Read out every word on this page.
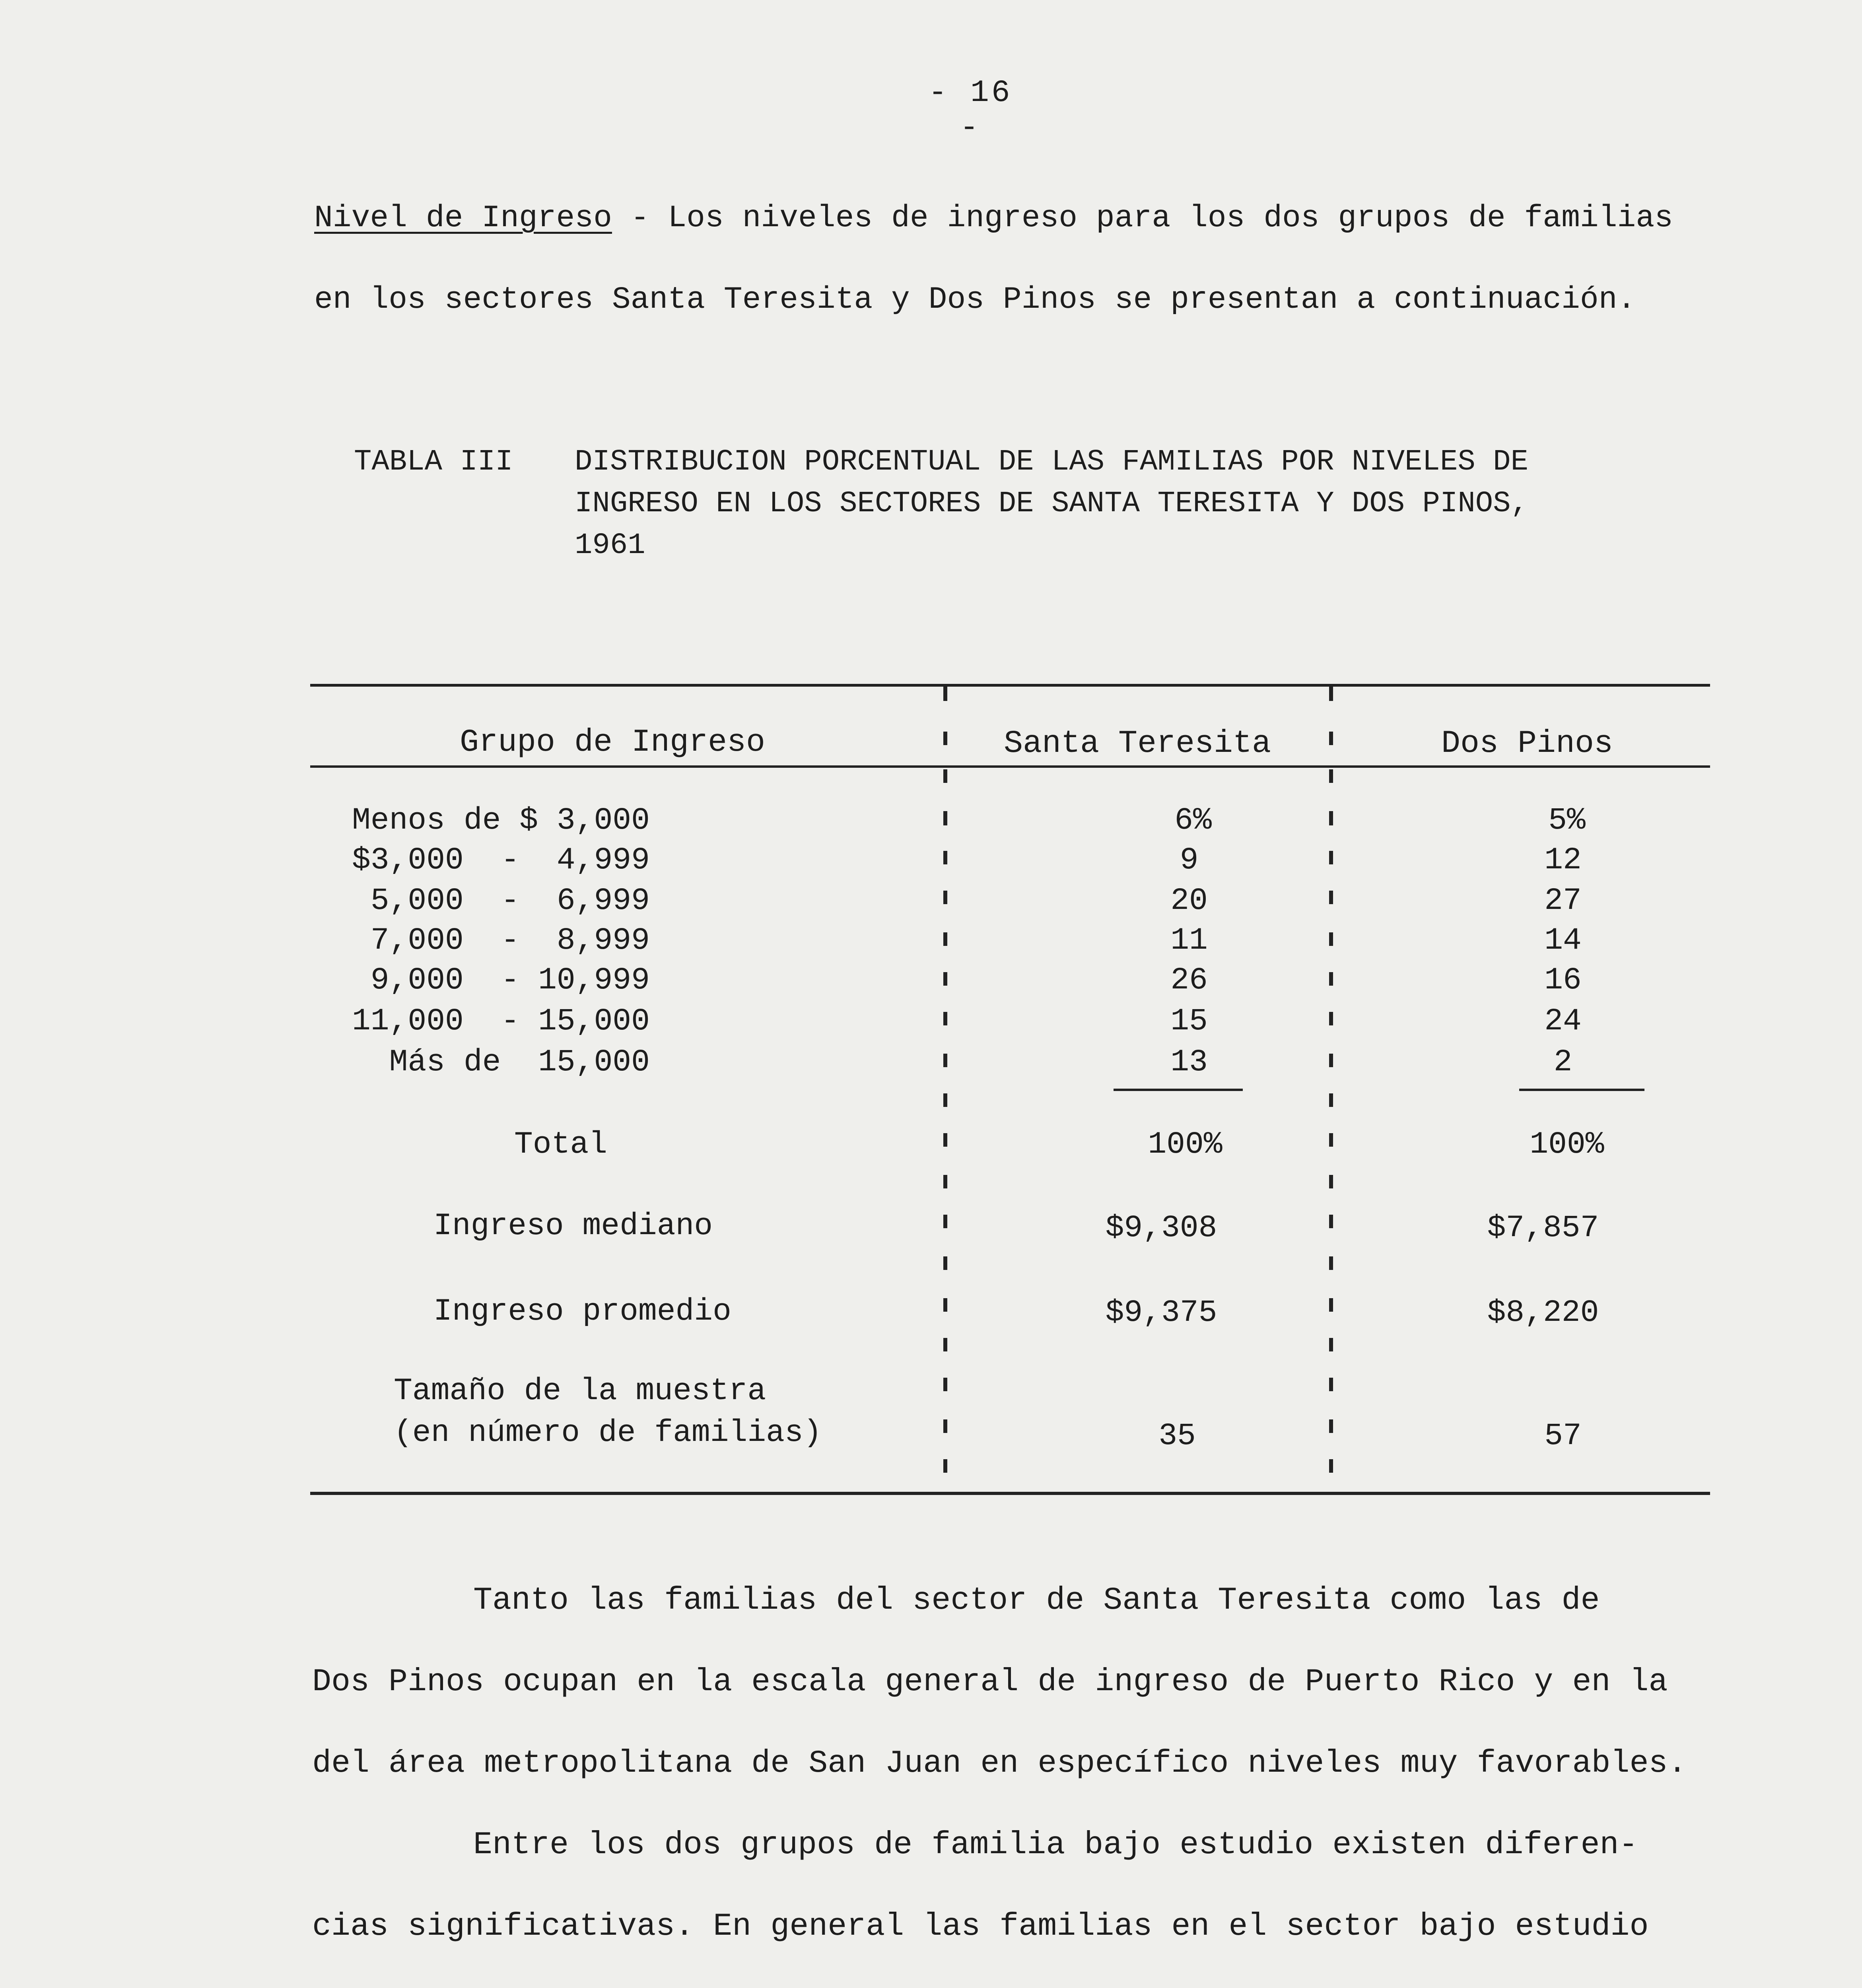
- 16 -
Nivel de Ingreso - Los niveles de ingreso para los dos grupos de familias
en los sectores Santa Teresita y Dos Pinos se presentan a continuación.
TABLA III DISTRIBUCION PORCENTUAL DE LAS FAMILIAS POR NIVELES DE
INGRESO EN LOS SECTORES DE SANTA TERESITA Y DOS PINOS,
1961
Grupo de Ingreso	Santa Teresita	Dos Pinos
Menos de $ 3,000	6%	5%
$3,000  -  4,999	9	12
5,000  -  6,999	20	27
7,000  -  8,999	11	14
9,000  - 10,999	26	16
11,000  - 15,000	15	24
Más de  15,000	13	2
Total	100%	100%
Ingreso mediano	$9,308	$7,857
Ingreso promedio	$9,375	$8,220
Tamaño de la muestra
(en número de familias)	35	57
Tanto las familias del sector de Santa Teresita como las de
Dos Pinos ocupan en la escala general de ingreso de Puerto Rico y en la
del área metropolitana de San Juan en específico niveles muy favorables.
Entre los dos grupos de familia bajo estudio existen diferen-
cias significativas. En general las familias en el sector bajo estudio
